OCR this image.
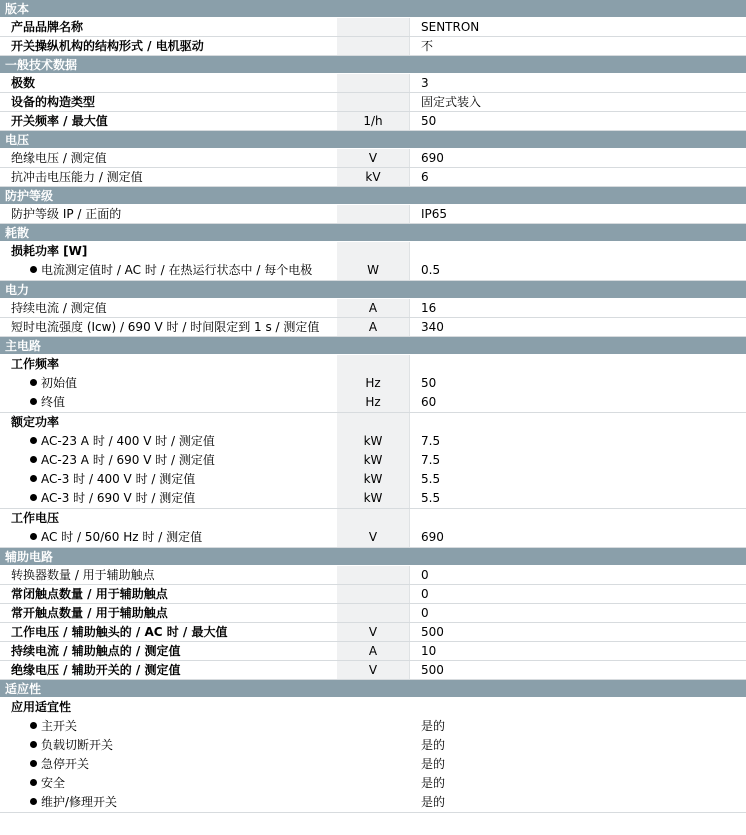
版本
产品品牌名称	SENTRON
开关操纵机构的结构形式 / 电机驱动	不
一般技术数据
极数	3
设备的构造类型	固定式装入
开关频率 / 最大值	1/h	50
电压
绝缘电压 / 测定值	V	690
抗冲击电压能力 / 测定值	kV	6
防护等级
防护等级 IP / 正面的	IP65
耗散
损耗功率 [W]
电流测定值时 / AC 时 / 在热运行状态中 / 每个电极	W	0.5
电力
持续电流 / 测定值	A	16
短时电流强度 (Icw) / 690 V 时 / 时间限定到 1 s / 测定值	A	340
主电路
工作频率
初始值	Hz	50
终值	Hz	60
额定功率
AC-23 A 时 / 400 V 时 / 测定值	kW	7.5
AC-23 A 时 / 690 V 时 / 测定值	kW	7.5
AC-3 时 / 400 V 时 / 测定值	kW	5.5
AC-3 时 / 690 V 时 / 测定值	kW	5.5
工作电压
AC 时 / 50/60 Hz 时 / 测定值	V	690
辅助电路
转换器数量 / 用于辅助触点	0
常闭触点数量 / 用于辅助触点	0
常开触点数量 / 用于辅助触点	0
工作电压 / 辅助触头的 / AC 时 / 最大值	V	500
持续电流 / 辅助触点的 / 测定值	A	10
绝缘电压 / 辅助开关的 / 测定值	V	500
适应性
应用适宜性
主开关	是的
负载切断开关	是的
急停开关	是的
安全	是的
维护/修理开关	是的
